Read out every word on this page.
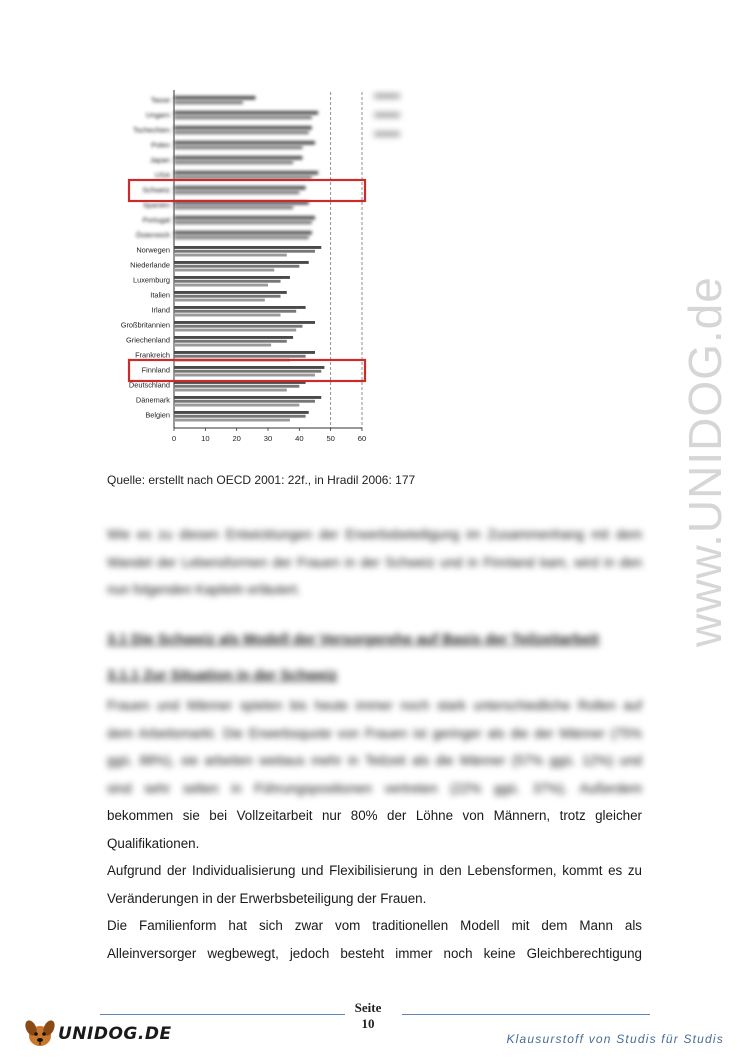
www.UNIDOG.de
Tasse
Ungarn
Tschechien
Polen
Japan
USA
Schweiz
Spanien
Portugal
Österreich
Norwegen
Niederlande
Luxemburg
Italien
Irland
Großbritannien
Griechenland
Frankreich
Finnland
Deutschland
Dänemark
Belgien
0	10	20	30	40	50	60
Quelle: erstellt nach OECD 2001: 22f., in Hradil 2006: 177
Wie es zu diesen Entwicklungen der Erwerbsbeteiligung im Zusammenhang mit dem
Wandel der Lebensformen der Frauen in der Schweiz und in Finnland kam, wird in den
nun folgenden Kapiteln erläutert.
3.1 Die Schweiz als Modell der Versorgerehe auf Basis der Teilzeitarbeit
3.1.1 Zur Situation in der Schweiz
Frauen und Männer spielen bis heute immer noch stark unterschiedliche Rollen auf
dem Arbeitsmarkt. Die Erwerbsquote von Frauen ist geringer als die der Männer (75%
ggü. 88%), sie arbeiten weitaus mehr in Teilzeit als die Männer (57% ggü. 12%) und
sind sehr selten in Führungspositionen vertreten (22% ggü. 37%). Außerdem
bekommen sie bei Vollzeitarbeit nur 80% der Löhne von Männern, trotz gleicher
Qualifikationen.
Aufgrund der Individualisierung und Flexibilisierung in den Lebensformen, kommt es zu
Veränderungen in der Erwerbsbeteiligung der Frauen.
Die Familienform hat sich zwar vom traditionellen Modell mit dem Mann als
Alleinversorger wegbewegt, jedoch besteht immer noch keine Gleichberechtigung
Seite
10
UNIDOG.DE	Klausurstoff von Studis für Studis
